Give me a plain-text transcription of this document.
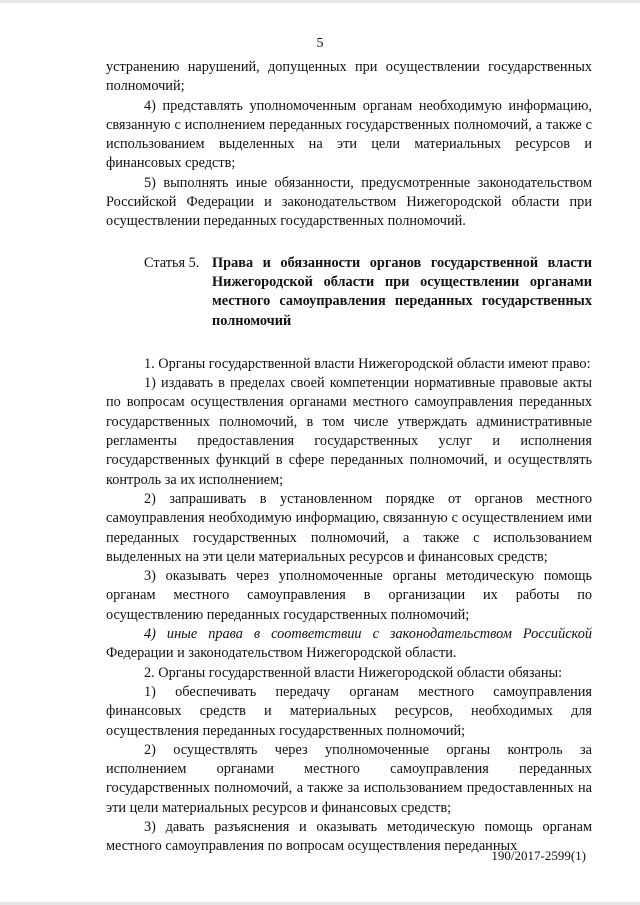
5

устранению нарушений, допущенных при осуществлении государственных полномочий;

4) представлять уполномоченным органам необходимую информацию, связанную с исполнением переданных государственных полномочий, а также с использованием выделенных на эти цели материальных ресурсов и финансовых средств;

5) выполнять иные обязанности, предусмотренные законодательством Российской Федерации и законодательством Нижегородской области при осуществлении переданных государственных полномочий.

Статья 5. Права и обязанности органов государственной власти Нижегородской области при осуществлении органами местного самоуправления переданных государственных полномочий

1. Органы государственной власти Нижегородской области имеют право:

1) издавать в пределах своей компетенции нормативные правовые акты по вопросам осуществления органами местного самоуправления переданных государственных полномочий, в том числе утверждать административные регламенты предоставления государственных услуг и исполнения государственных функций в сфере переданных полномочий, и осуществлять контроль за их исполнением;

2) запрашивать в установленном порядке от органов местного самоуправления необходимую информацию, связанную с осуществлением ими переданных государственных полномочий, а также с использованием выделенных на эти цели материальных ресурсов и финансовых средств;

3) оказывать через уполномоченные органы методическую помощь органам местного самоуправления в организации их работы по осуществлению переданных государственных полномочий;

4) иные права в соответствии с законодательством Российской Федерации и законодательством Нижегородской области.

2. Органы государственной власти Нижегородской области обязаны:

1) обеспечивать передачу органам местного самоуправления финансовых средств и материальных ресурсов, необходимых для осуществления переданных государственных полномочий;

2) осуществлять через уполномоченные органы контроль за исполнением органами местного самоуправления переданных государственных полномочий, а также за использованием предоставленных на эти цели материальных ресурсов и финансовых средств;

3) давать разъяснения и оказывать методическую помощь органам местного самоуправления по вопросам осуществления переданных

190/2017-2599(1)
